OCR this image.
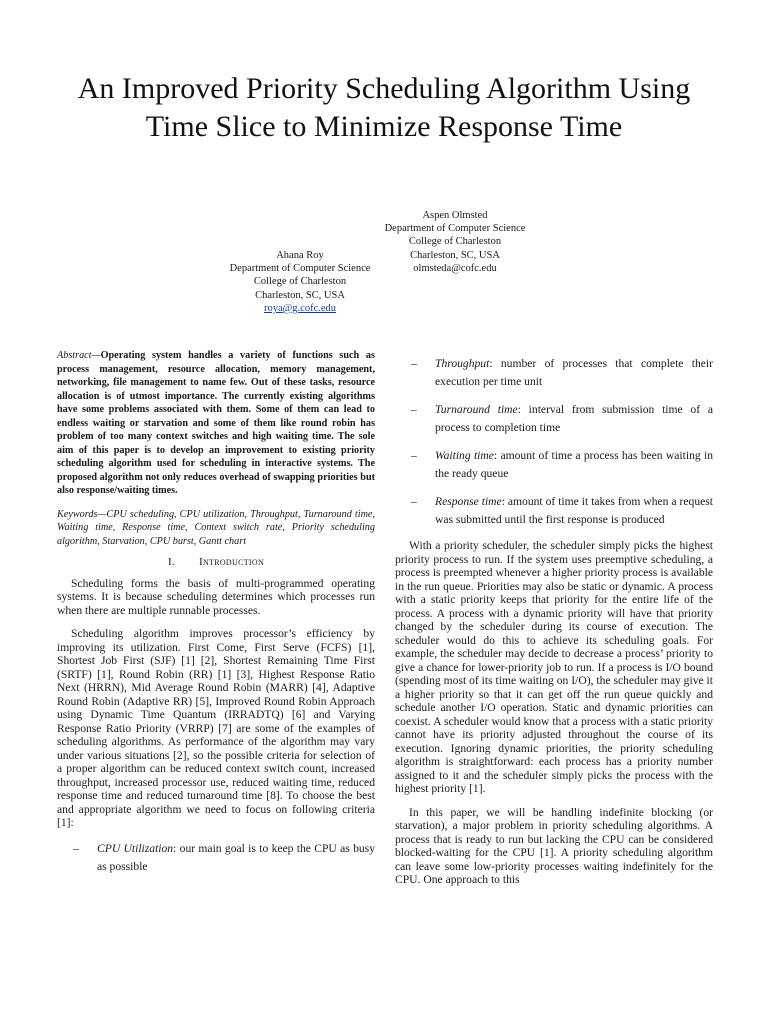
An Improved Priority Scheduling Algorithm Using
Time Slice to Minimize Response Time
Ahana Roy
Department of Computer Science
College of Charleston
Charleston, SC, USA
roya@g.cofc.edu
Aspen Olmsted
Department of Computer Science
College of Charleston
Charleston, SC, USA
olmsteda@cofc.edu

Abstract—Operating system handles a variety of functions such as process management, resource allocation, memory management, networking, file management to name few. Out of these tasks, resource allocation is of utmost importance. The currently existing algorithms have some problems associated with them. Some of them can lead to endless waiting or starvation and some of them like round robin has problem of too many context switches and high waiting time. The sole aim of this paper is to develop an improvement to existing priority scheduling algorithm used for scheduling in interactive systems. The proposed algorithm not only reduces overhead of swapping priorities but also response/waiting times.

Keywords—CPU scheduling, CPU utilization, Throughput, Turnaround time, Waiting time, Response time, Context switch rate, Priority scheduling algorithm, Starvation, CPU burst, Gantt chart

I. Introduction

Scheduling forms the basis of multi-programmed operating systems. It is because scheduling determines which processes run when there are multiple runnable processes.

Scheduling algorithm improves processor’s efficiency by improving its utilization. First Come, First Serve (FCFS) [1], Shortest Job First (SJF) [1] [2], Shortest Remaining Time First (SRTF) [1], Round Robin (RR) [1] [3], Highest Response Ratio Next (HRRN), Mid Average Round Robin (MARR) [4], Adaptive Round Robin (Adaptive RR) [5], Improved Round Robin Approach using Dynamic Time Quantum (IRRADTQ) [6] and Varying Response Ratio Priority (VRRP) [7] are some of the examples of scheduling algorithms. As performance of the algorithm may vary under various situations [2], so the possible criteria for selection of a proper algorithm can be reduced context switch count, increased throughput, increased processor use, reduced waiting time, reduced response time and reduced turnaround time [8]. To choose the best and appropriate algorithm we need to focus on following criteria [1]:

–	CPU Utilization: our main goal is to keep the CPU as busy as possible
–	Throughput: number of processes that complete their execution per time unit
–	Turnaround time: interval from submission time of a process to completion time
–	Waiting time: amount of time a process has been waiting in the ready queue
–	Response time: amount of time it takes from when a request was submitted until the first response is produced

With a priority scheduler, the scheduler simply picks the highest priority process to run. If the system uses preemptive scheduling, a process is preempted whenever a higher priority process is available in the run queue. Priorities may also be static or dynamic. A process with a static priority keeps that priority for the entire life of the process. A process with a dynamic priority will have that priority changed by the scheduler during its course of execution. The scheduler would do this to achieve its scheduling goals. For example, the scheduler may decide to decrease a process’ priority to give a chance for lower-priority job to run. If a process is I/O bound (spending most of its time waiting on I/O), the scheduler may give it a higher priority so that it can get off the run queue quickly and schedule another I/O operation. Static and dynamic priorities can coexist. A scheduler would know that a process with a static priority cannot have its priority adjusted throughout the course of its execution. Ignoring dynamic priorities, the priority scheduling algorithm is straightforward: each process has a priority number assigned to it and the scheduler simply picks the process with the highest priority [1].

In this paper, we will be handling indefinite blocking (or starvation), a major problem in priority scheduling algorithms. A process that is ready to run but lacking the CPU can be considered blocked-waiting for the CPU [1]. A priority scheduling algorithm can leave some low-priority processes waiting indefinitely for the CPU. One approach to this
